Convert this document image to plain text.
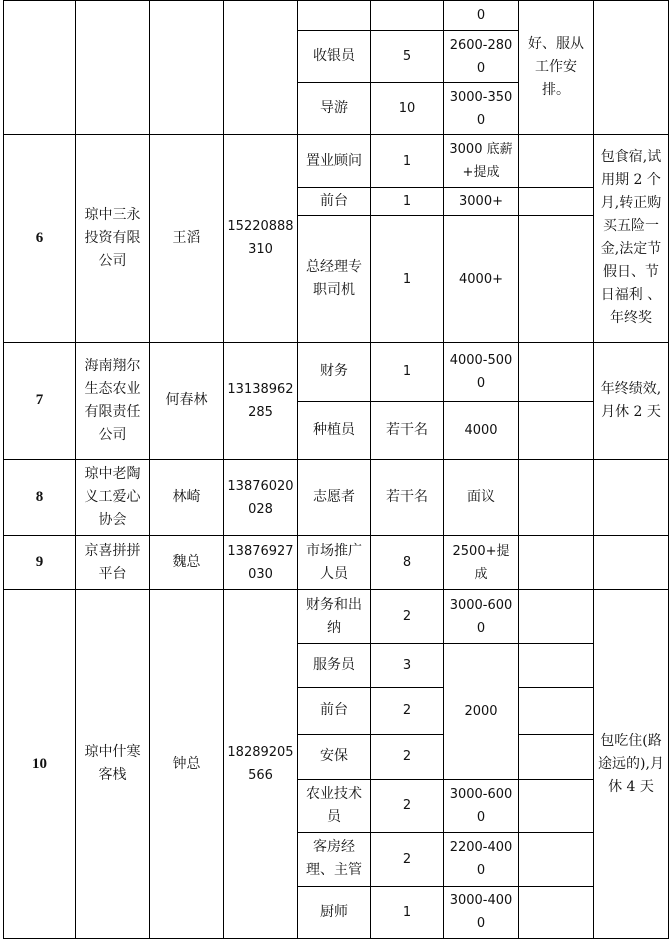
						0	好、服从工作安排。	
				收银员	5	2600-2800		
				导游	10	3000-3500		
6	琼中三永投资有限公司	王滔	15220888310	置业顾问	1	3000 底薪+提成		包食宿,试用期 2 个月,转正购买五险一金,法定节假日、节日福利 、年终奖
				前台	1	3000+		
				总经理专职司机	1	4000+		
7	海南翔尔生态农业有限责任公司	何春林	13138962285	财务	1	4000-5000		年终绩效,月休 2 天
				种植员	若干名	4000		
8	琼中老陶义工爱心协会	林崎	13876020028	志愿者	若干名	面议		
9	京喜拼拼平台	魏总	13876927030	市场推广人员	8	2500+提成		
10	琼中什寒客栈	钟总	18289205566	财务和出纳	2	3000-6000		包吃住(路途远的),月休 4 天
				服务员	3	2000		
				前台	2			
				安保	2			
				农业技术员	2	3000-6000		
				客房经理、主管	2	2200-4000		
				厨师	1	3000-4000		
